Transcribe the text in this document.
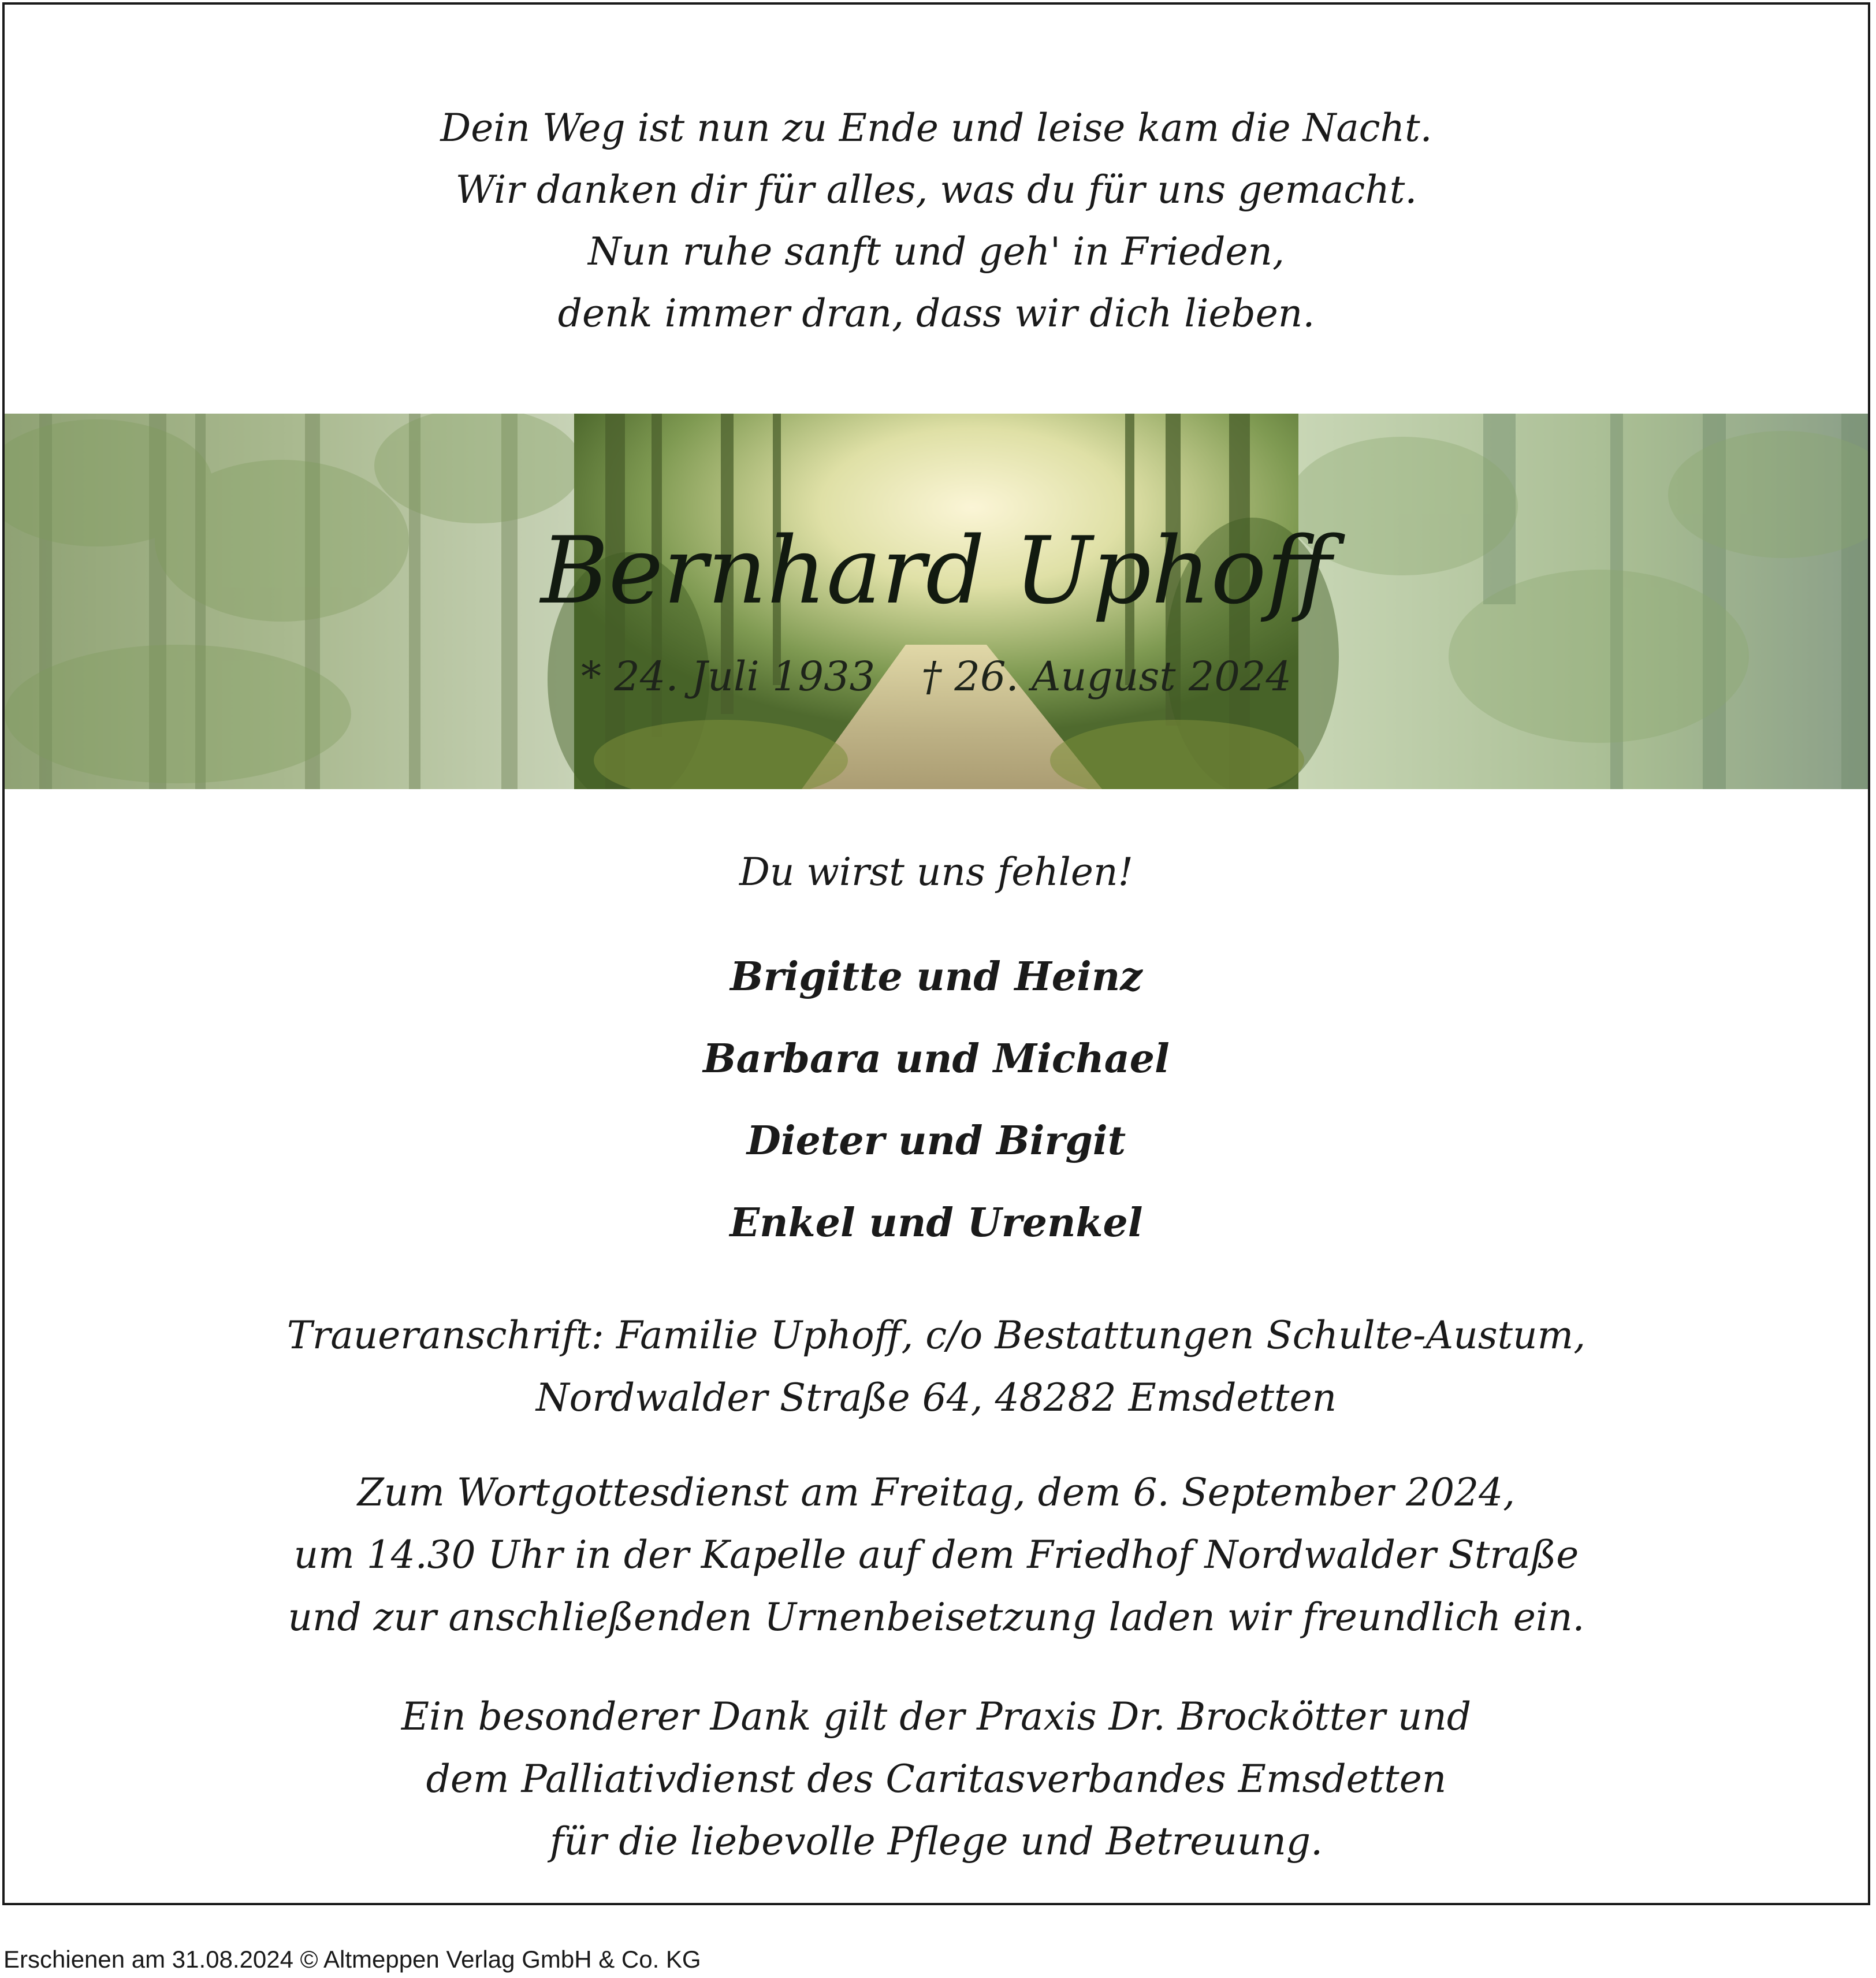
Dein Weg ist nun zu Ende und leise kam die Nacht.
Wir danken dir für alles, was du für uns gemacht.
Nun ruhe sanft und geh' in Frieden,
denk immer dran, dass wir dich lieben.
Bernhard Uphoff
* 24. Juli 1933 † 26. August 2024
Du wirst uns fehlen!
Brigitte und Heinz
Barbara und Michael
Dieter und Birgit
Enkel und Urenkel
Traueranschrift: Familie Uphoff, c/o Bestattungen Schulte-Austum,
Nordwalder Straße 64, 48282 Emsdetten
Zum Wortgottesdienst am Freitag, dem 6. September 2024,
um 14.30 Uhr in der Kapelle auf dem Friedhof Nordwalder Straße
und zur anschließenden Urnenbeisetzung laden wir freundlich ein.
Ein besonderer Dank gilt der Praxis Dr. Brockötter und
dem Palliativdienst des Caritasverbandes Emsdetten
für die liebevolle Pflege und Betreuung.
Erschienen am 31.08.2024 © Altmeppen Verlag GmbH & Co. KG
